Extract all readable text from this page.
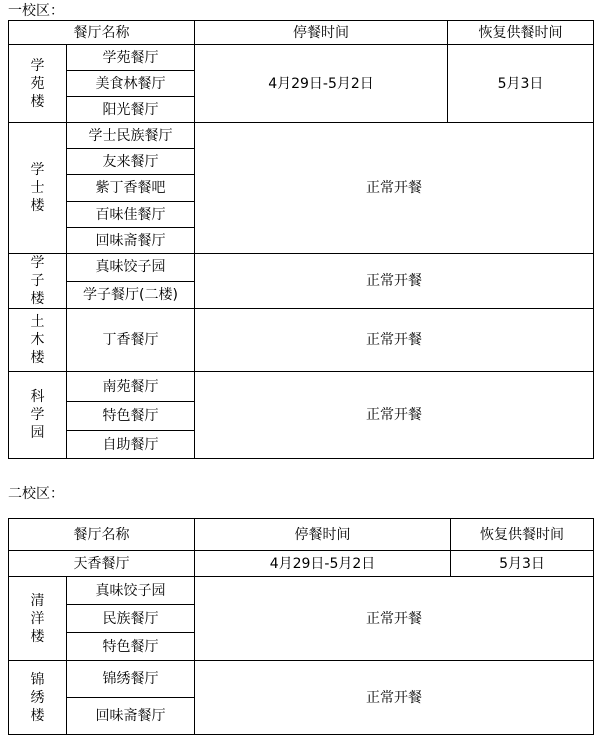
一校区：
餐厅名称		停餐时间	恢复供餐时间
学苑楼	学苑餐厅	4月29日-5月2日	5月3日
	美食林餐厅		
	阳光餐厅		
学士楼	学士民族餐厅	正常开餐	
	友来餐厅		
	紫丁香餐吧		
	百味佳餐厅		
	回味斋餐厅		
学子楼	真味饺子园	正常开餐	
	学子餐厅(二楼)		
土木楼	丁香餐厅	正常开餐	
科学园	南苑餐厅	正常开餐	
	特色餐厅		
	自助餐厅		
二校区：
餐厅名称		停餐时间	恢复供餐时间
天香餐厅		4月29日-5月2日	5月3日
清洋楼	真味饺子园	正常开餐	
	民族餐厅		
	特色餐厅		
锦绣楼	锦绣餐厅	正常开餐	
	回味斋餐厅		
